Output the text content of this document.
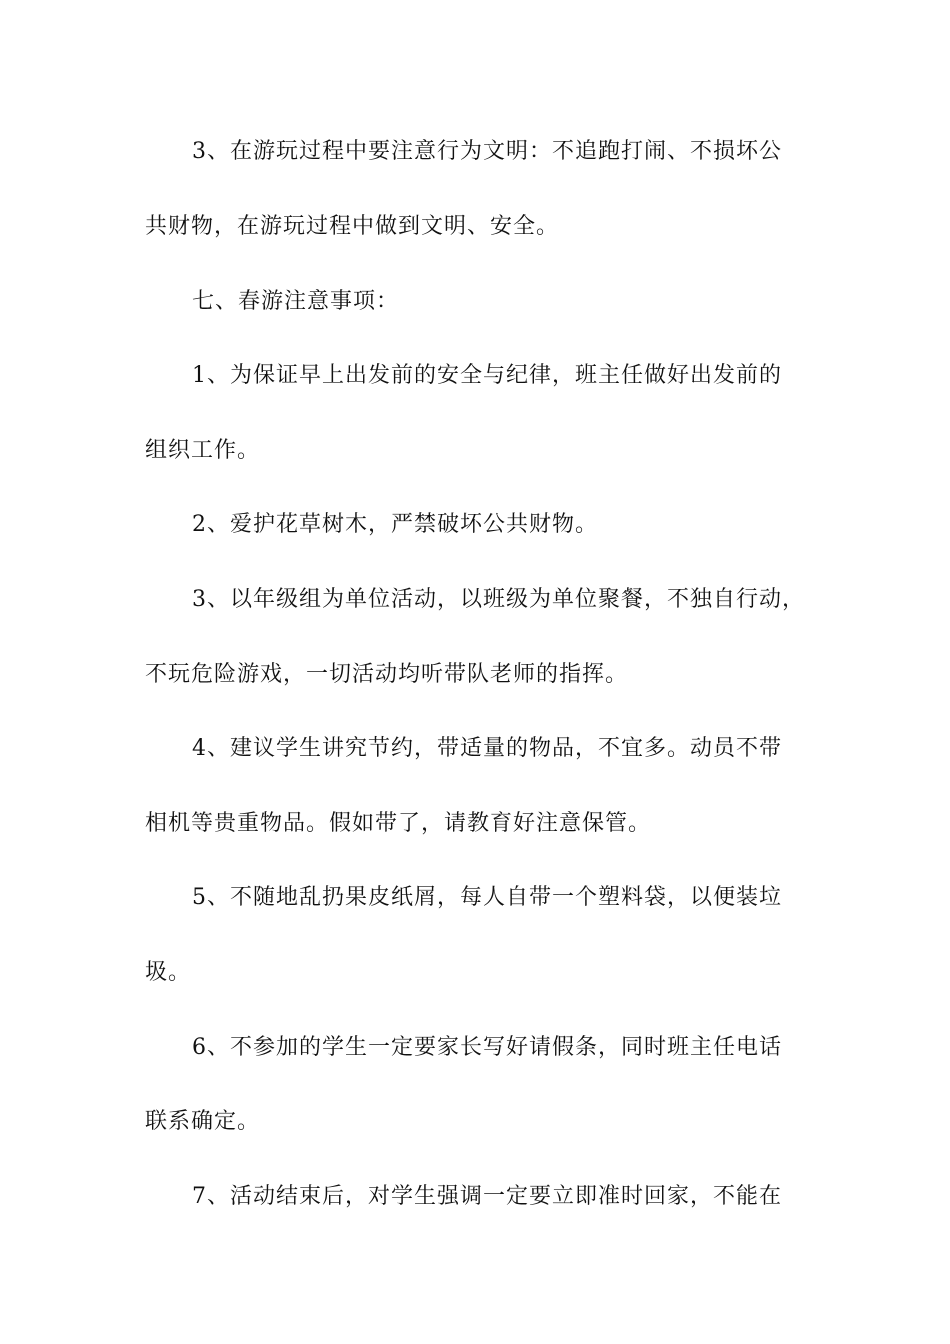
3、在游玩过程中要注意行为文明：不追跑打闹、不损坏公
共财物，在游玩过程中做到文明、安全。
七、春游注意事项：
1、为保证早上出发前的安全与纪律，班主任做好出发前的
组织工作。
2、爱护花草树木，严禁破坏公共财物。
3、以年级组为单位活动，以班级为单位聚餐，不独自行动，
不玩危险游戏，一切活动均听带队老师的指挥。
4、建议学生讲究节约，带适量的物品，不宜多。动员不带
相机等贵重物品。假如带了，请教育好注意保管。
5、不随地乱扔果皮纸屑，每人自带一个塑料袋，以便装垃
圾。
6、不参加的学生一定要家长写好请假条，同时班主任电话
联系确定。
7、活动结束后，对学生强调一定要立即准时回家，不能在
